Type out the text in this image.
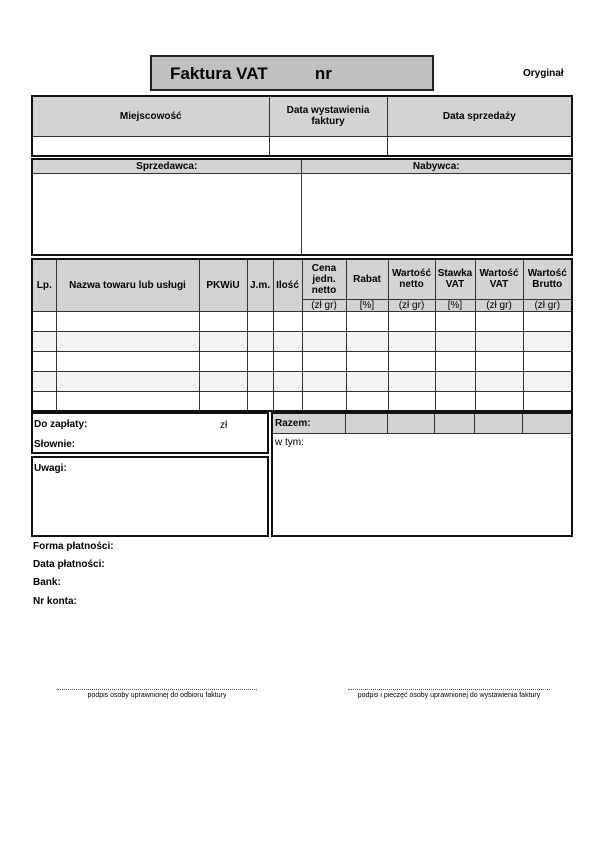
Faktura VAT          nr	Oryginał
Miejscowość	Data wystawienia faktury	Data sprzedaży

Sprzedawca:	Nabywca:

Lp.	Nazwa towaru lub usługi	PKWiU	J.m.	Ilość	Cena jedn. netto	Rabat	Wartość netto	Stawka VAT	Wartość VAT	Wartość Brutto
					(zł gr)	[%]	(zł gr)	[%]	(zł gr)	(zł gr)

Do zapłaty:	zł
Słownie:
Uwagi:
Razem:					
w tym:
Forma płatności:
Data płatności:
Bank:
Nr konta:
podpis osoby uprawnionej do odbioru faktury	podpis i pieczęć osoby uprawnionej do wystawienia faktury
